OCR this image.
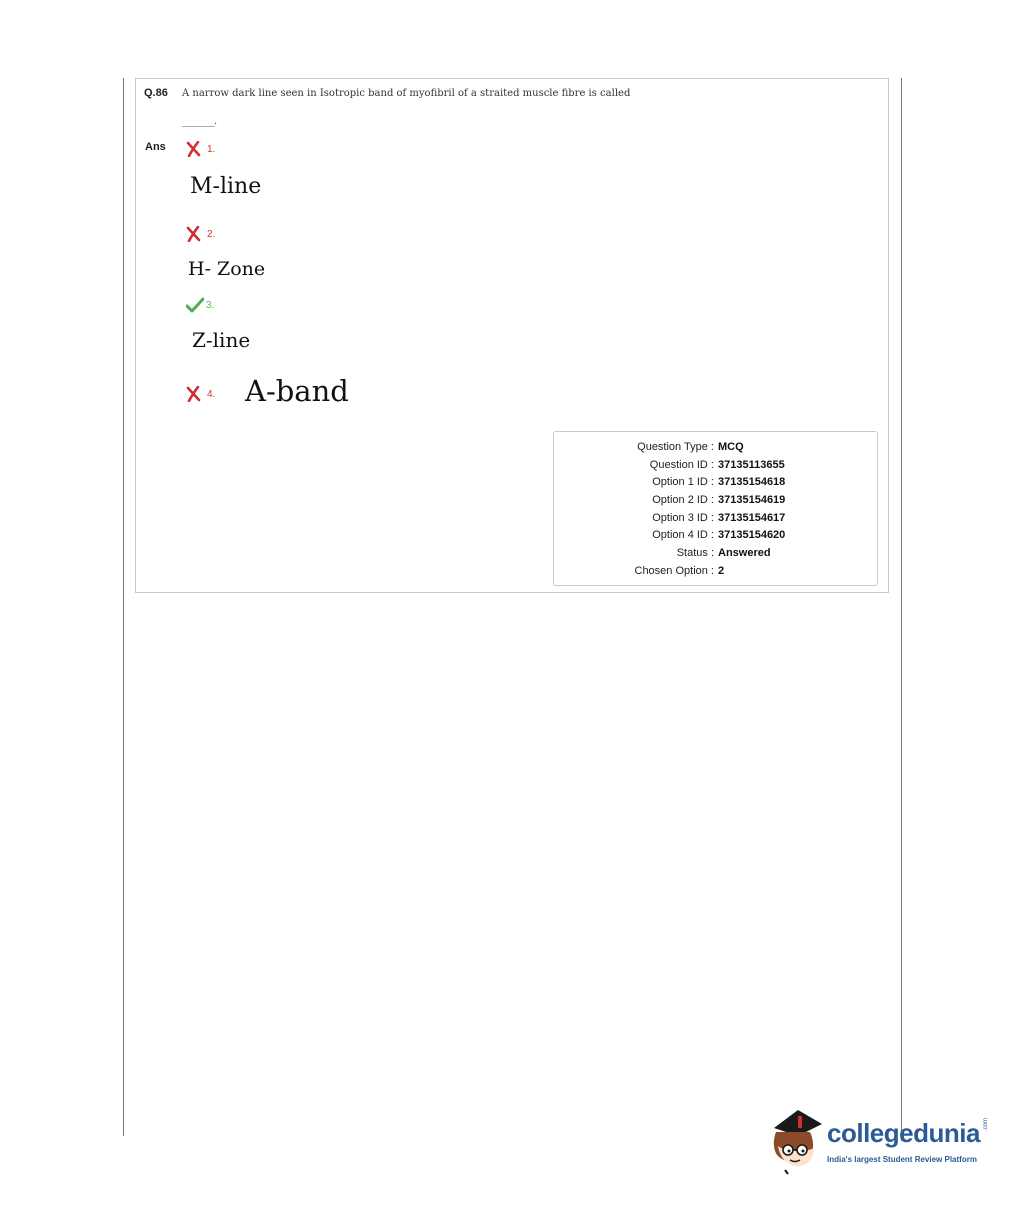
Q.86 A narrow dark line seen in Isotropic band of myofibril of a straited muscle fibre is called
________.
Ans	1.
M-line
2.
H- Zone
3.
Z-line
4. A-band
Question Type : MCQ
Question ID : 37135113655
Option 1 ID : 37135154618
Option 2 ID : 37135154619
Option 3 ID : 37135154617
Option 4 ID : 37135154620
Status : Answered
Chosen Option : 2
collegedunia .com
India's largest Student Review Platform
